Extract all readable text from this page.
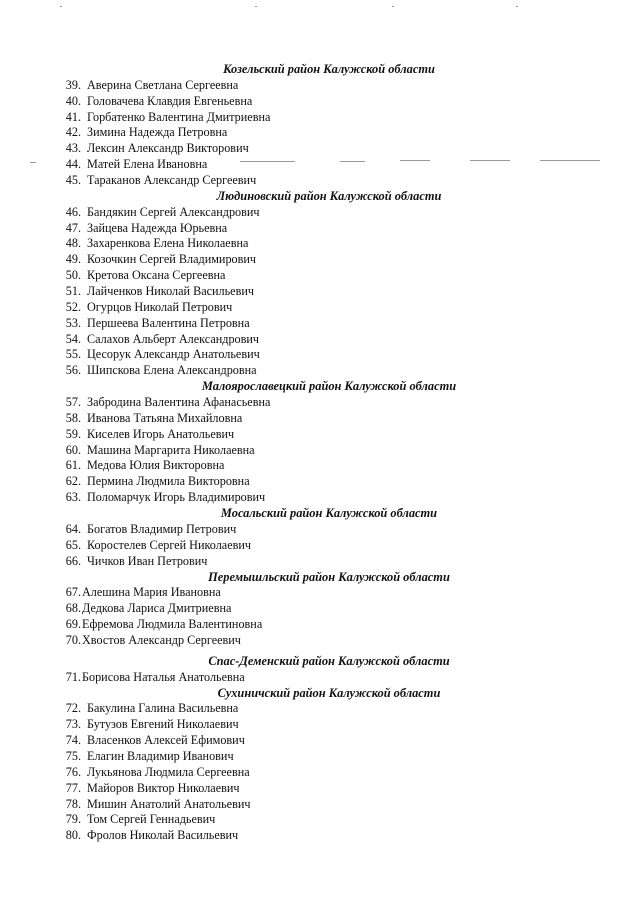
Козельский район Калужской области
39. Аверина Светлана Сергеевна
40. Головачева Клавдия Евгеньевна
41. Горбатенко Валентина Дмитриевна
42. Зимина Надежда Петровна
43. Лексин Александр Викторович
44. Матей Елена Ивановна
45. Тараканов Александр Сергеевич
Людиновский район Калужской области
46. Бандякин Сергей Александрович
47. Зайцева Надежда Юрьевна
48. Захаренкова Елена Николаевна
49. Козочкин Сергей Владимирович
50. Кретова Оксана Сергеевна
51. Лайченков Николай Васильевич
52. Огурцов Николай Петрович
53. Першеева Валентина Петровна
54. Салахов Альберт Александрович
55. Цесорук Александр Анатольевич
56. Шипскова Елена Александровна
Малоярославецкий район Калужской области
57. Забродина Валентина Афанасьевна
58. Иванова Татьяна Михайловна
59. Киселев Игорь Анатольевич
60. Машина Маргарита Николаевна
61. Медова Юлия Викторовна
62. Пермина Людмила Викторовна
63. Поломарчук Игорь Владимирович
Мосальский район Калужской области
64. Богатов Владимир Петрович
65. Коростелев Сергей Николаевич
66. Чичков Иван Петрович
Перемышльский район Калужской области
67. Алешина Мария Ивановна
68. Дедкова Лариса Дмитриевна
69. Ефремова Людмила Валентиновна
70. Хвостов Александр Сергеевич
Спас-Деменский район Калужской области
71. Борисова Наталья Анатольевна
Сухиничский район Калужской области
72. Бакулина Галина Васильевна
73. Бутузов Евгений Николаевич
74. Власенков Алексей Ефимович
75. Елагин Владимир Иванович
76. Лукьянова Людмила Сергеевна
77. Майоров Виктор Николаевич
78. Мишин Анатолий Анатольевич
79. Том Сергей Геннадьевич
80. Фролов Николай Васильевич
